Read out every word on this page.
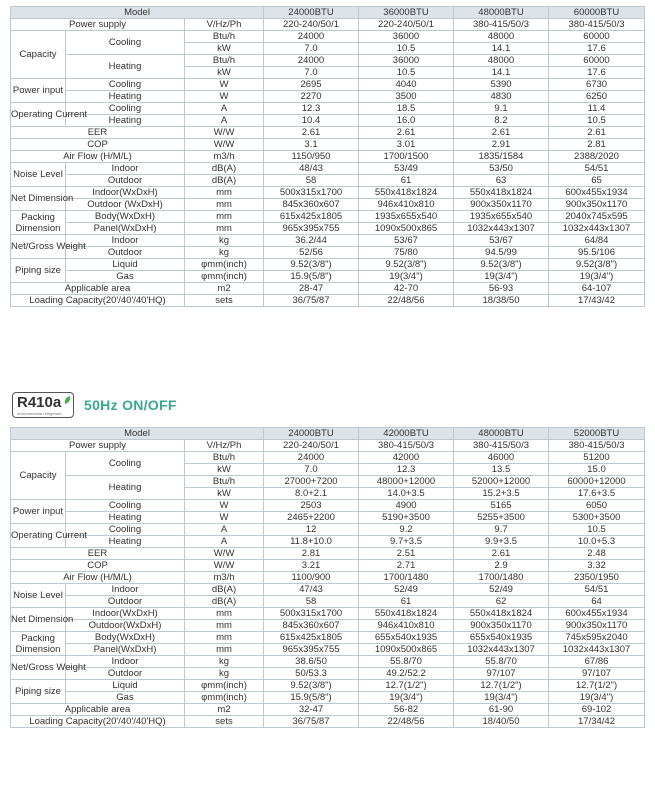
Model			24000BTU	36000BTU	48000BTU	60000BTU
Power supply		V/Hz/Ph	220-240/50/1	220-240/50/1	380-415/50/3	380-415/50/3
Capacity	Cooling	Btu/h	24000	36000	48000	60000
		kW	7.0	10.5	14.1	17.6
	Heating	Btu/h	24000	36000	48000	60000
		kW	7.0	10.5	14.1	17.6
Power input	Cooling	W	2695	4040	5390	6730
	Heating	W	2270	3500	4830	6250
Operating Current	Cooling	A	12.3	18.5	9.1	11.4
	Heating	A	10.4	16.0	8.2	10.5
EER		W/W	2.61	2.61	2.61	2.61
COP		W/W	3.1	3.01	2.91	2.81
Air Flow (H/M/L)		m3/h	1150/950	1700/1500	1835/1584	2388/2020
Noise Level	Indoor	dB(A)	48/43	53/49	53/50	54/51
	Outdoor	dB(A)	58	61	63	65
Net Dimension	Indoor(WxDxH)	mm	500x315x1700	550x418x1824	550x418x1824	600x455x1934
	Outdoor (WxDxH)	mm	845x360x607	946x410x810	900x350x1170	900x350x1170
Packing
Dimension	Body(WxDxH)	mm	615x425x1805	1935x655x540	1935x655x540	2040x745x595
	Panel(WxDxH)	mm	965x395x755	1090x500x865	1032x443x1307	1032x443x1307
Net/Gross Weight	Indoor	kg	36.2/44	53/67	53/67	64/84
	Outdoor	kg	52/56	75/80	94.5/99	95.5/106
Piping size	Liquid	φmm(inch)	9.52(3/8")	9.52(3/8")	9.52(3/8")	9.52(3/8")
	Gas	φmm(inch)	15.9(5/8")	19(3/4")	19(3/4")	19(3/4")
Applicable area		m2	28-47	42-70	56-93	64-107
Loading Capacity(20'/40'/40'HQ)		sets	36/75/87	22/48/56	18/38/50	17/43/42
R410a
environmental refrigerant
50Hz ON/OFF
Model			24000BTU	42000BTU	48000BTU	52000BTU
Power supply		V/Hz/Ph	220-240/50/1	380-415/50/3	380-415/50/3	380-415/50/3
Capacity	Cooling	Btu/h	24000	42000	46000	51200
		kW	7.0	12.3	13.5	15.0
	Heating	Btu/h	27000+7200	48000+12000	52000+12000	60000+12000
		kW	8.0+2.1	14.0+3.5	15.2+3.5	17.6+3.5
Power input	Cooling	W	2503	4900	5165	6050
	Heating	W	2465+2200	5190+3500	5255+3500	5300+3500
Operating Current	Cooling	A	12	9.2	9.7	10.5
	Heating	A	11.8+10.0	9.7+3.5	9.9+3.5	10.0+5.3
EER		W/W	2.81	2.51	2.61	2.48
COP		W/W	3.21	2.71	2.9	3.32
Air Flow (H/M/L)		m3/h	1100/900	1700/1480	1700/1480	2350/1950
Noise Level	Indoor	dB(A)	47/43	52/49	52/49	54/51
	Outdoor	dB(A)	58	61	62	64
Net Dimension	Indoor(WxDxH)	mm	500x315x1700	550x418x1824	550x418x1824	600x455x1934
	Outdoor(WxDxH)	mm	845x360x607	946x410x810	900x350x1170	900x350x1170
Packing
Dimension	Body(WxDxH)	mm	615x425x1805	655x540x1935	655x540x1935	745x595x2040
	Panel(WxDxH)	mm	965x395x755	1090x500x865	1032x443x1307	1032x443x1307
Net/Gross Weight	Indoor	kg	38.6/50	55.8/70	55.8/70	67/86
	Outdoor	kg	50/53.3	49.2/52.2	97/107	97/107
Piping size	Liquid	φmm(inch)	9.52(3/8")	12.7(1/2")	12.7(1/2")	12.7(1/2")
	Gas	φmm(inch)	15.9(5/8")	19(3/4")	19(3/4")	19(3/4")
Applicable area		m2	32-47	56-82	61-90	69-102
Loading Capacity(20'/40'/40'HQ)		sets	36/75/87	22/48/56	18/40/50	17/34/42
